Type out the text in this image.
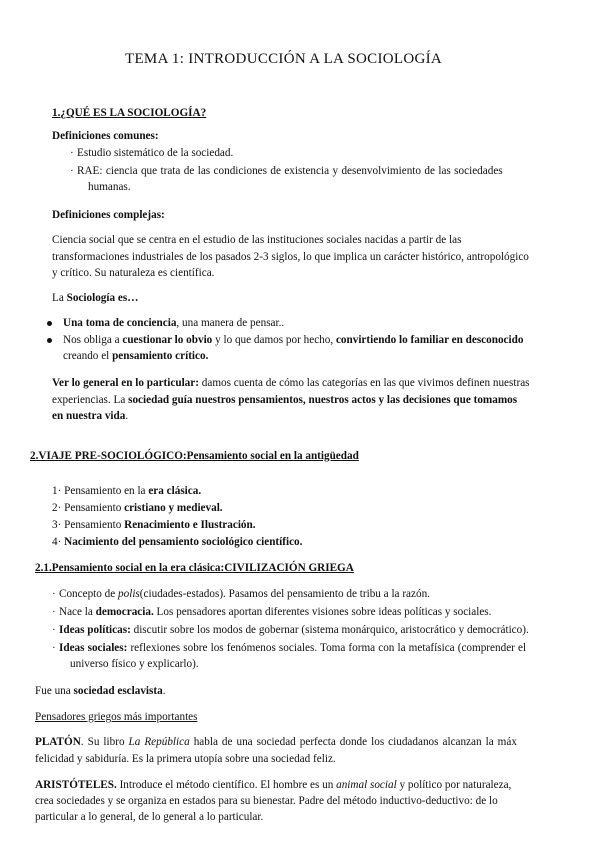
TEMA 1: INTRODUCCIÓN A LA SOCIOLOGÍA
1.¿QUÉ ES LA SOCIOLOGÍA?
Definiciones comunes:
· Estudio sistemático de la sociedad.
· RAE: ciencia que trata de las condiciones de existencia y desenvolvimiento de las sociedades
humanas.
Definiciones complejas:
Ciencia social que se centra en el estudio de las instituciones sociales nacidas a partir de las
transformaciones industriales de los pasados 2-3 siglos, lo que implica un carácter histórico, antropológico
y crítico. Su naturaleza es científica.
La Sociología es…
Una toma de conciencia, una manera de pensar..
Nos obliga a cuestionar lo obvio y lo que damos por hecho, convirtiendo lo familiar en desconocido
creando el pensamiento crítico.
Ver lo general en lo particular: damos cuenta de cómo las categorías en las que vivimos definen nuestras
experiencias. La sociedad guía nuestros pensamientos, nuestros actos y las decisiones que tomamos
en nuestra vida.
2.VIAJE PRE-SOCIOLÓGICO:Pensamiento social en la antigüedad
1· Pensamiento en la era clásica.
2· Pensamiento cristiano y medieval.
3· Pensamiento Renacimiento e Ilustración.
4· Nacimiento del pensamiento sociológico científico.
2.1.Pensamiento social en la era clásica:CIVILIZACIÓN GRIEGA
· Concepto de polis(ciudades-estados). Pasamos del pensamiento de tribu a la razón.
· Nace la democracia. Los pensadores aportan diferentes visiones sobre ideas políticas y sociales.
· Ideas políticas: discutir sobre los modos de gobernar (sistema monárquico, aristocrático y democrático).
· Ideas sociales: reflexiones sobre los fenómenos sociales. Toma forma con la metafísica (comprender el
universo físico y explicarlo).
Fue una sociedad esclavista.
Pensadores griegos más importantes
PLATÓN. Su libro La República habla de una sociedad perfecta donde los ciudadanos alcanzan la máx
felicidad y sabiduría. Es la primera utopía sobre una sociedad feliz.
ARISTÓTELES. Introduce el método científico. El hombre es un animal social y político por naturaleza,
crea sociedades y se organiza en estados para su bienestar. Padre del método inductivo-deductivo: de lo
particular a lo general, de lo general a lo particular.
